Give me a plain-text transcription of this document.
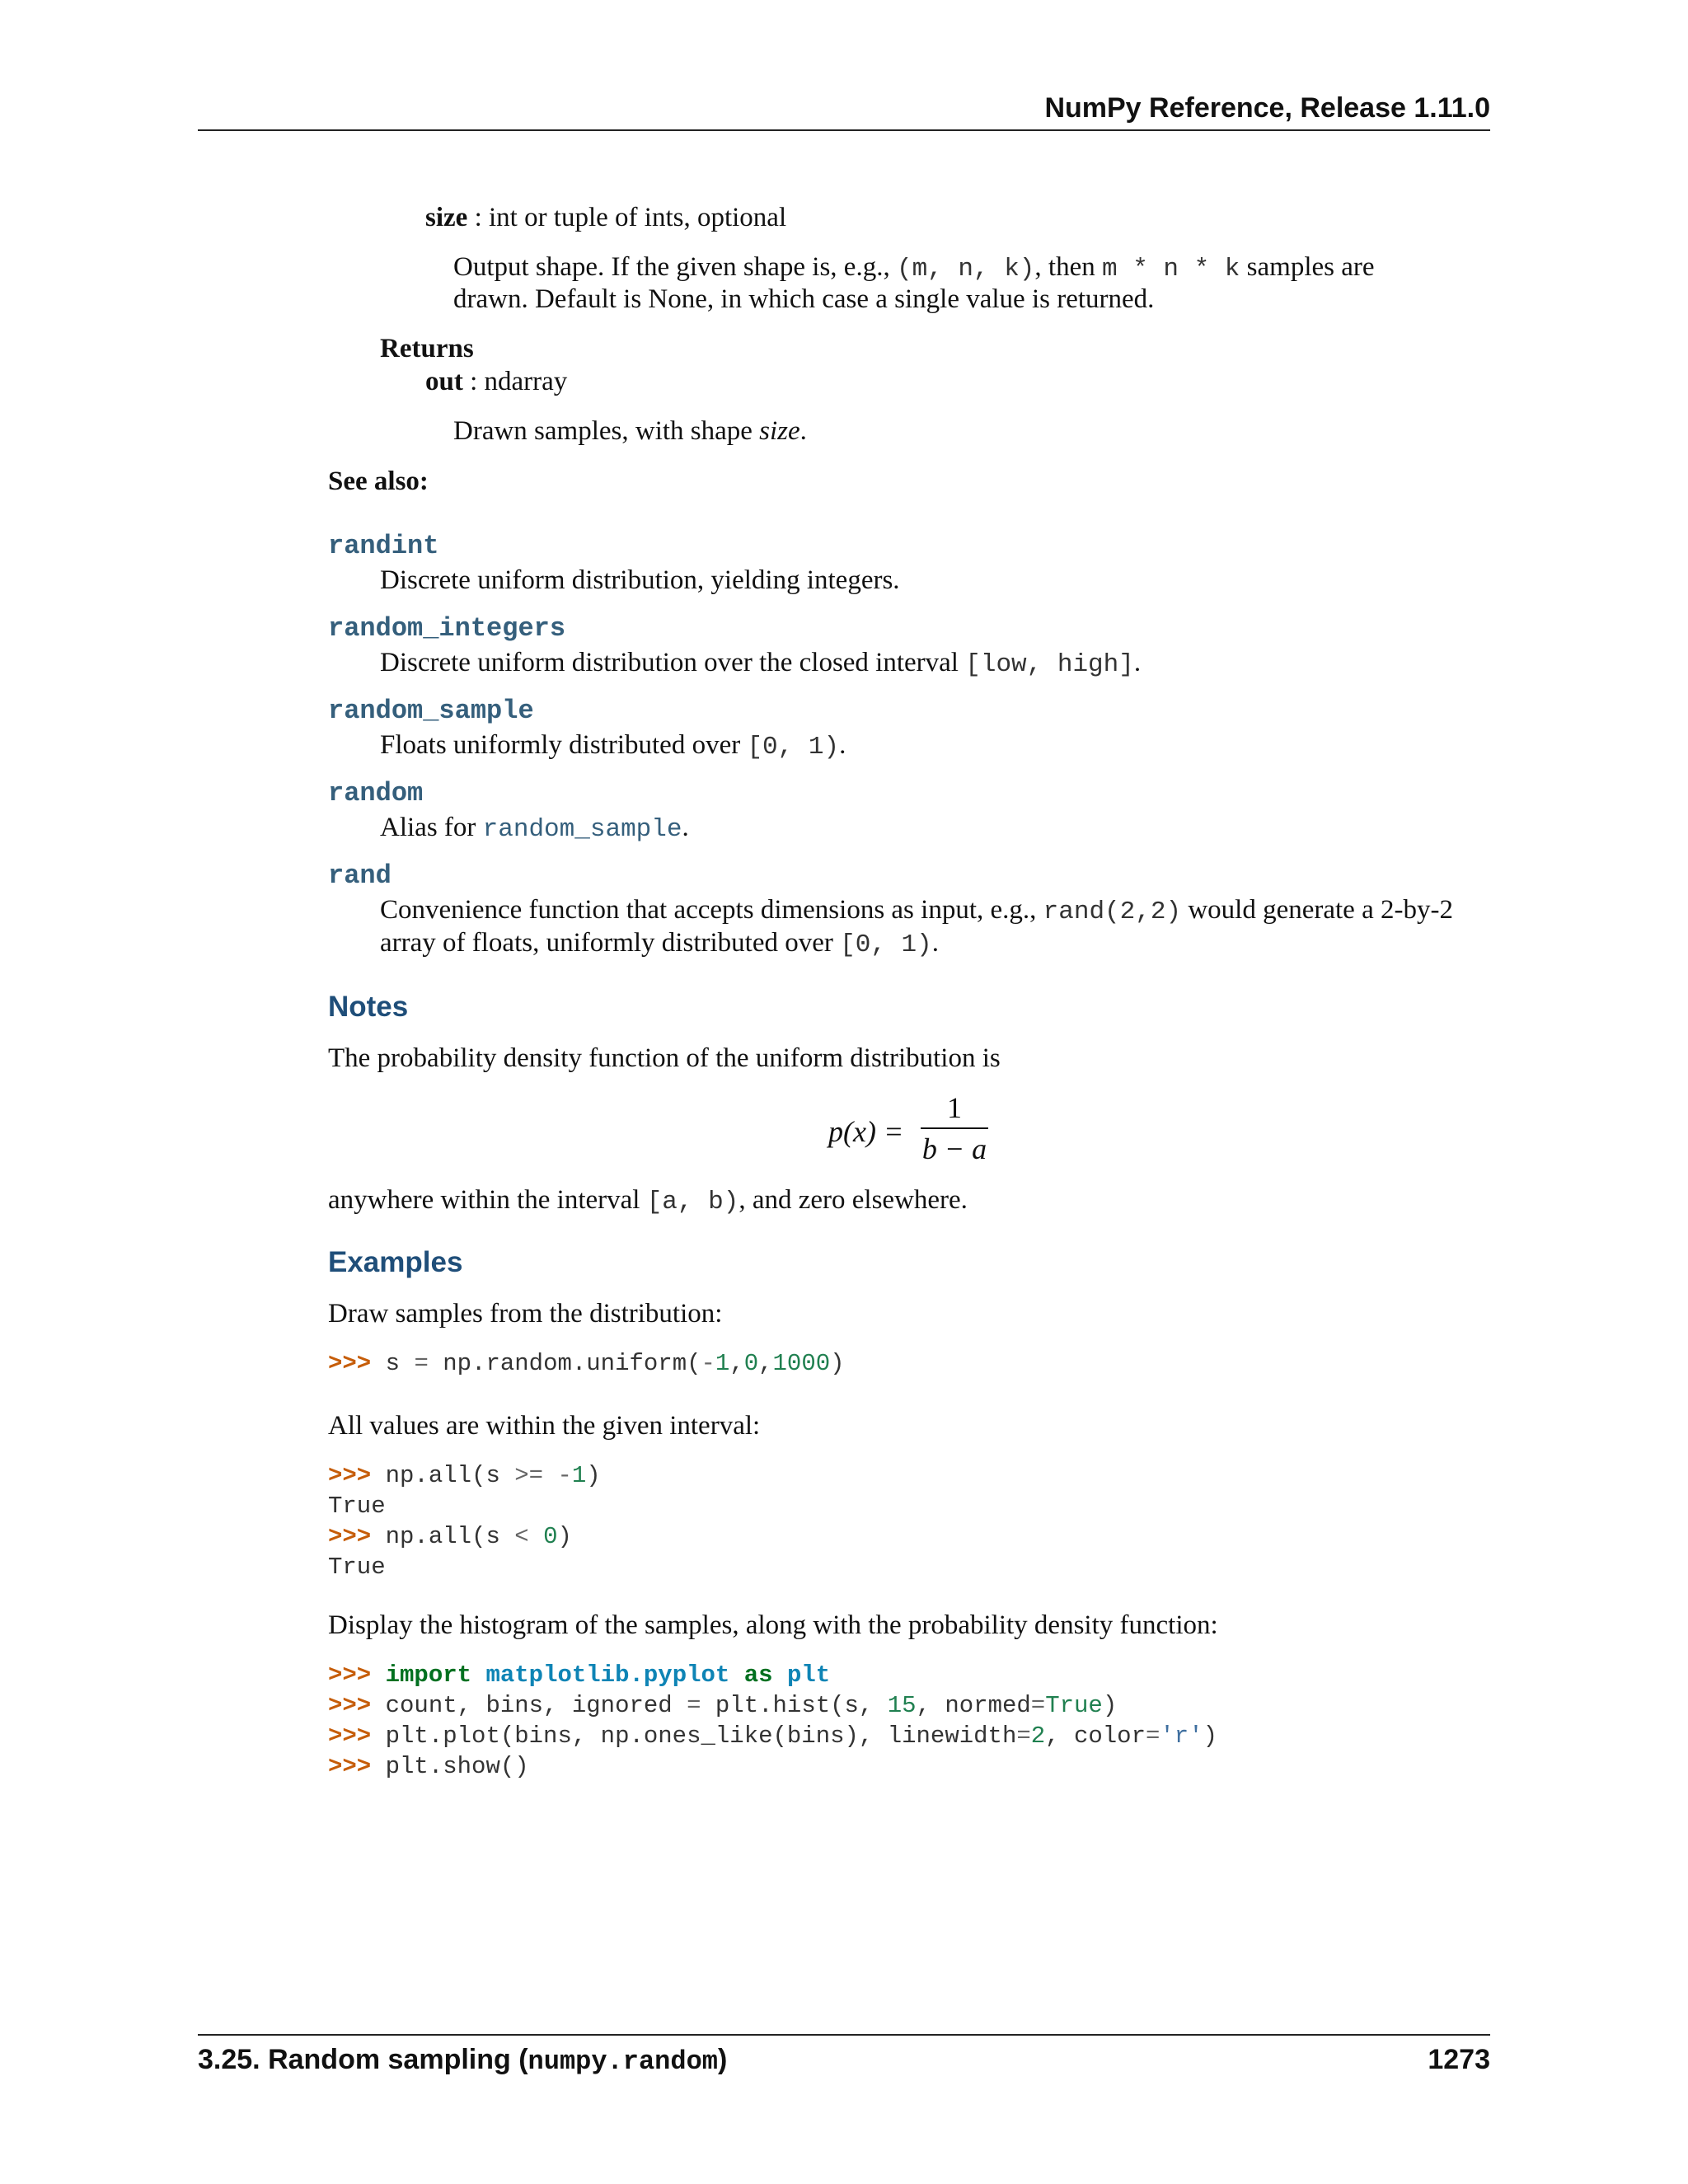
NumPy Reference, Release 1.11.0
size : int or tuple of ints, optional
Output shape. If the given shape is, e.g., (m, n, k), then m * n * k samples are
drawn. Default is None, in which case a single value is returned.
Returns
out : ndarray
Drawn samples, with shape size.
See also:
randint
Discrete uniform distribution, yielding integers.
random_integers
Discrete uniform distribution over the closed interval [low, high].
random_sample
Floats uniformly distributed over [0, 1).
random
Alias for random_sample.
rand
Convenience function that accepts dimensions as input, e.g., rand(2,2) would generate a 2-by-2
array of floats, uniformly distributed over [0, 1).
Notes
The probability density function of the uniform distribution is
p(x) =
1
b − a
anywhere within the interval [a, b), and zero elsewhere.
Examples
Draw samples from the distribution:
>>> s = np.random.uniform(-1,0,1000)
All values are within the given interval:
>>> np.all(s >= -1)
True
>>> np.all(s < 0)
True
Display the histogram of the samples, along with the probability density function:
>>> import matplotlib.pyplot as plt
>>> count, bins, ignored = plt.hist(s, 15, normed=True)
>>> plt.plot(bins, np.ones_like(bins), linewidth=2, color='r')
>>> plt.show()
3.25. Random sampling (numpy.random)	1273
